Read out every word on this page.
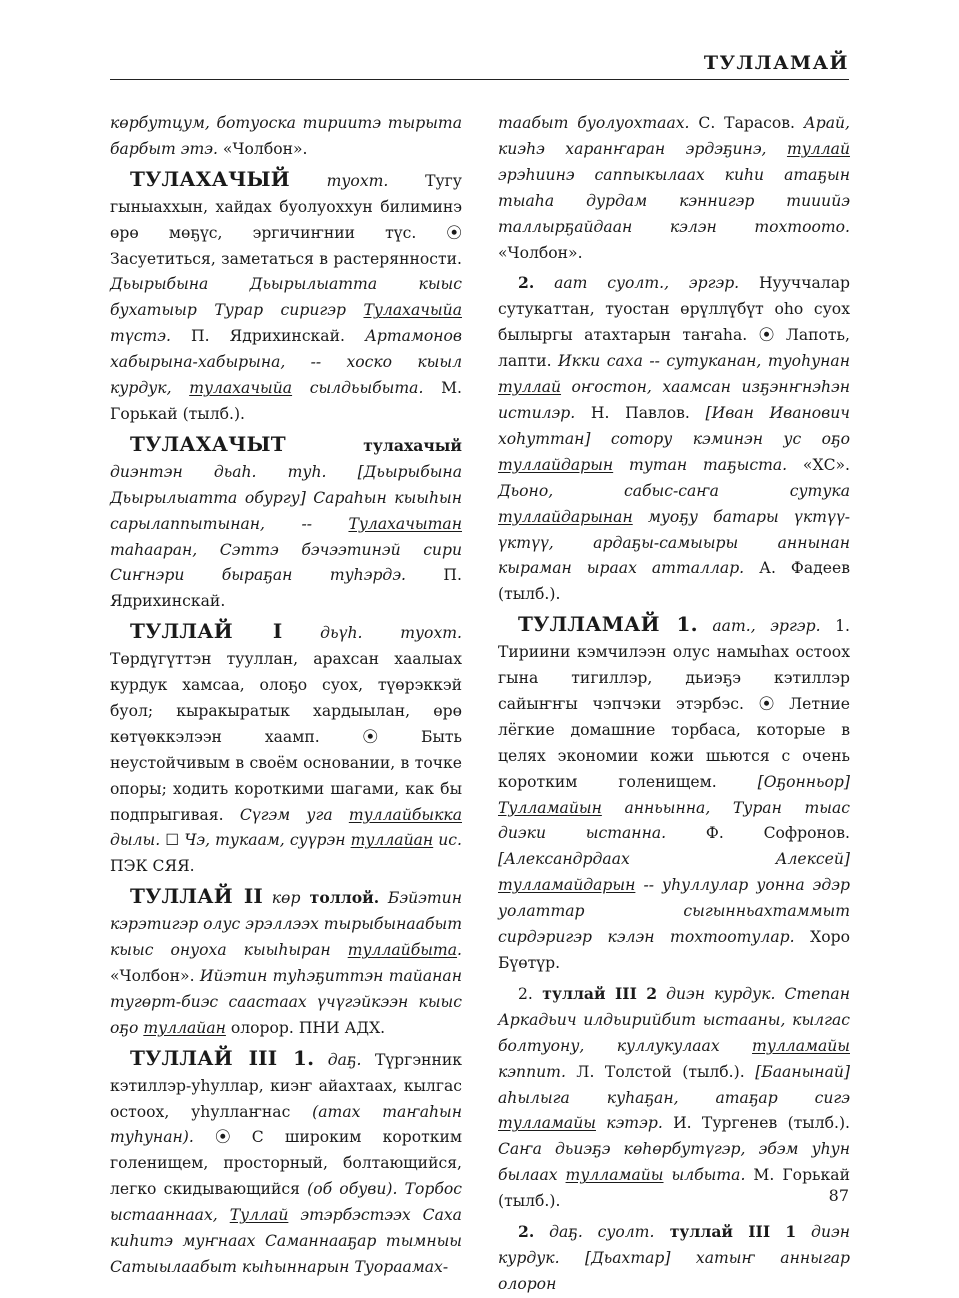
ТУЛЛАМАЙ

көрбутцум, ботуоска тириитэ тырыта барбыт этэ. «Чолбон».

ТУЛАХАЧЫЙ туохт. Тугу гыныаххын, хайдах буолуоххун билиминэ өрө мөҕүс, эргичиҥнии түс. ⦿ Засуетиться, заметаться в растерянности. Дьырыбына Дьырылыатта кыыс бухатыыр Турар сиригэр Тулахачыйа түстэ. П. Ядрихинскай. Артамонов хабырына-хабырына, -- хоско кыыл курдук, тулахачыйа сылдьыбыта. М. Горькай (тылб.).

ТУЛАХАЧЫТ тулахачый диэнтэн дьаһ. туһ. [Дьырыбына Дьырылыатта обургу] Сараһын кыыһын сарылаппытынан, -- Тулахачытан таһааран, Сэттэ бэчээтинэй сири Сиҥнэри быраҕан туһэрдэ. П. Ядрихинскай.

ТУЛЛАЙ I дьүһ. туохт. Төрдүгүттэн тууллан, арахсан хаалыах курдук хамсаа, олоҕо суох, түөрэккэй буол; кыракыратык хардыылан, өрө көтүөккэлээн хаамп. ⦿ Быть неустойчивым в своём основании, в точке опоры; ходить короткими шагами, как бы подпрыгивая. Сүгэм уга туллайбыкка дылы. ☐ Чэ, тукаам, суүрэн туллайан ис. ПЭК СЯЯ.

ТУЛЛАЙ II көр толлой. Бэйэтин кэрэтигэр олус эрэллээх тырыбынаабыт кыыс онуоха кыыһыран туллайбыта. «Чолбон». Ийэтин туһэҕиттэн тайанан тугөрт-биэс саастаах үчүгэйкээн кыыс оҕо туллайан олорор. ПНИ АДХ.

ТУЛЛАЙ III 1. даҕ. Түргэнник кэтиллэр-уһуллар, киэҥ айахтаах, кылгас остоох, уһуллаҥнас (атах таҥаһын туһунан). ⦿ С широким коротким голенищем, просторный, болтающийся, легко скидывающийся (об обуви). Торбос ыстааннаах, Туллай этэрбэстээх Саха киһитэ муҥнаах Саманнааҕар тымныы Сатыылаабыт кыһыннарын Туораамах-

таабыт буолуохтаах. С. Тарасов. Арай, киэһэ харанҥаран эрдэҕинэ, туллай эрэһиинэ саппыкылаах киһи атаҕын тыаһа дурдам кэннигэр тииийэ таллырҕайдаан кэлэн тохтоото. «Чолбон».

2. аат суолт., эргэр. Нууччалар сутукаттан, туостан өрүллүбүт оһо суох былыргы атахтарын таҥаһа. ⦿ Лапоть, лапти. Икки саха -- сутуканан, туоһунан туллай оҥостон, хаамсан изҕэнҥнэһэн истилэр. Н. Павлов. [Иван Иванович хоһуттан] сотору кэминэн ус оҕо туллайдарын тутан таҕыста. «ХС». Дьоно, сабыс-саҥа сутука туллайдарынан муоҕу батары үктүү-үктүү, ардаҕы-самыыры аннынан кыраман ыраах атталлар. А. Фадеев (тылб.).

ТУЛЛАМАЙ 1. аат., эргэр. 1. Тириини кэмчилээн олус намыһах остоох гына тигиллэр, дьиэҕэ кэтиллэр сайыҥҥы чэпчэки этэрбэс. ⦿ Летние лёгкие домашние торбаса, которые в целях экономии кожи шьются с очень коротким голенищем. [Оҕонньор] Тулламайын анньынна, Туран тыас диэки ыстанна. Ф. Софронов. [Александрдаах Алексей] тулламайдарын -- уһуллулар уонна эдэр уолаттар сыгынньахтаммыт сирдэригэр кэлэн тохтоотулар. Хоро Бүөтүр.

2. туллай III 2 диэн курдук. Степан Аркадьич илдьирийбит ыстааны, кылгас болтуону, куллукулаах тулламайы кэппит. Л. Толстой (тылб.). [Баанынай] аһылыга куһаҕан, атаҕар сигэ тулламайы кэтэр. И. Тургенев (тылб.). Саҥа дьиэҕэ көһөрбутүгэр, эбэм уһун былаах тулламайы ылбыта. М. Горькай (тылб.).

2. даҕ. суолт. туллай III 1 диэн курдук. [Дьахтар] хатыҥ анныгар олорон

87
